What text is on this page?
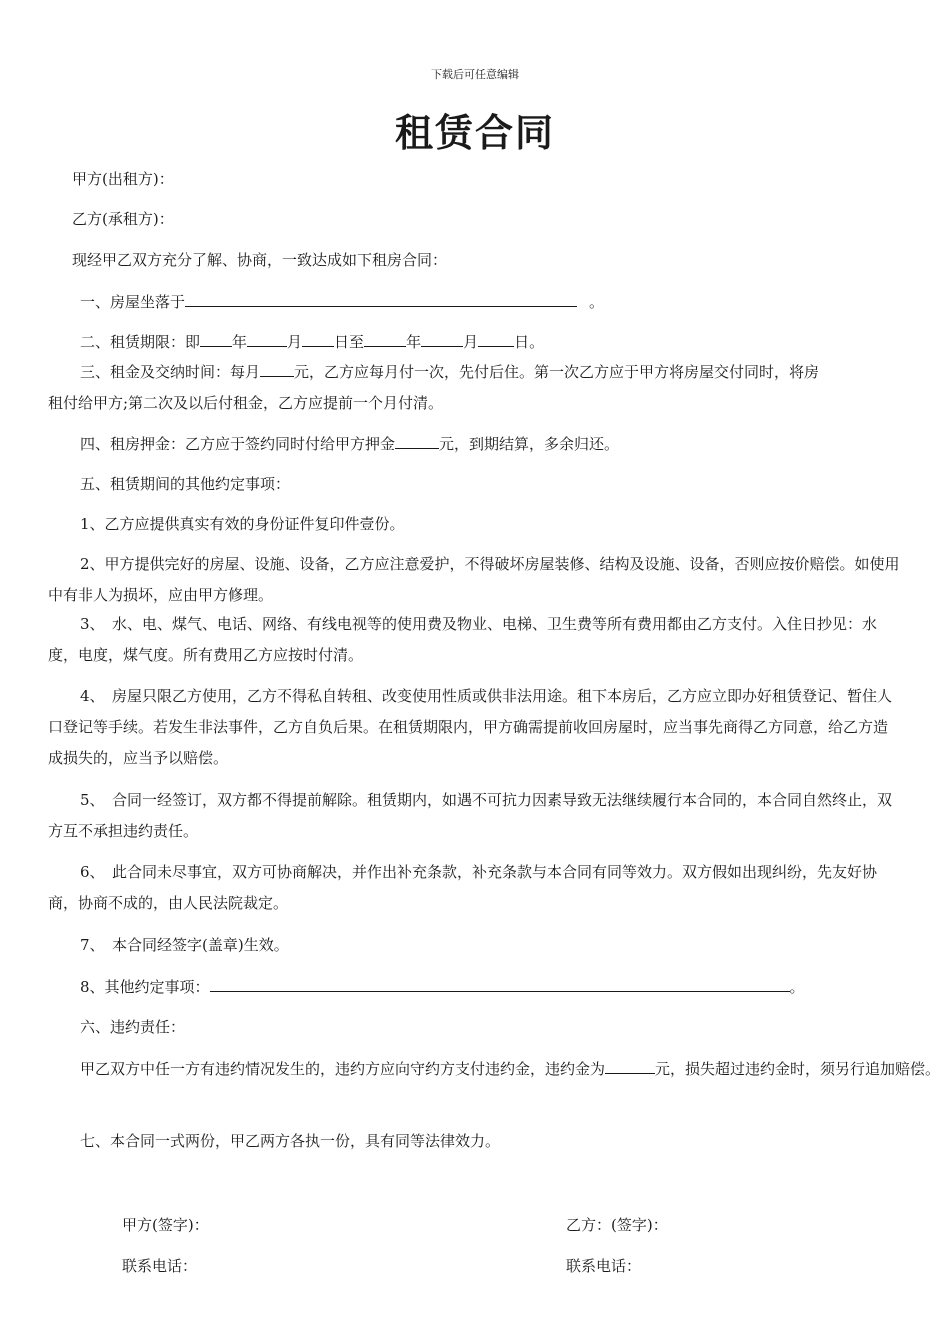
下载后可任意编辑
租赁合同
甲方(出租方)：
乙方(承租方)：
现经甲乙双方充分了解、协商，一致达成如下租房合同：
一、房屋坐落于	。
二、租赁期限：即 年	月 日至	年	月 日。
三、租金及交纳时间：每月 元，乙方应每月付一次，先付后住。第一次乙方应于甲方将房屋交付同时，将房
租付给甲方;第二次及以后付租金，乙方应提前一个月付清。
四、租房押金：乙方应于签约同时付给甲方押金	元，到期结算，多余归还。
五、租赁期间的其他约定事项：
1、乙方应提供真实有效的身份证件复印件壹份。

2、甲方提供完好的房屋、设施、设备，乙方应注意爱护，不得破坏房屋装修、结构及设施、设备，否则应按价赔偿。如使用中有非人为损坏，应由甲方修理。

3、　水、电、煤气、电话、网络、有线电视等的使用费及物业、电梯、卫生费等所有费用都由乙方支付。入住日抄见：水度，电度，煤气度。所有费用乙方应按时付清。

4、　房屋只限乙方使用，乙方不得私自转租、改变使用性质或供非法用途。租下本房后，乙方应立即办好租赁登记、暂住人口登记等手续。若发生非法事件，乙方自负后果。在租赁期限内，甲方确需提前收回房屋时，应当事先商得乙方同意，给乙方造成损失的，应当予以赔偿。

5、　合同一经签订，双方都不得提前解除。租赁期内，如遇不可抗力因素导致无法继续履行本合同的，本合同自然终止，双方互不承担违约责任。

6、　此合同未尽事宜，双方可协商解决，并作出补充条款，补充条款与本合同有同等效力。双方假如出现纠纷，先友好协商，协商不成的，由人民法院裁定。

7、　本合同经签字(盖章)生效。
8、其他约定事项：	。
六、违约责任：
甲乙双方中任一方有违约情况发生的，违约方应向守约方支付违约金，违约金为	元，损失超过违约金时，须另行追加赔偿。
七、本合同一式两份，甲乙两方各执一份，具有同等法律效力。
甲方(签字)：	乙方：(签字)：
联系电话：	联系电话：
